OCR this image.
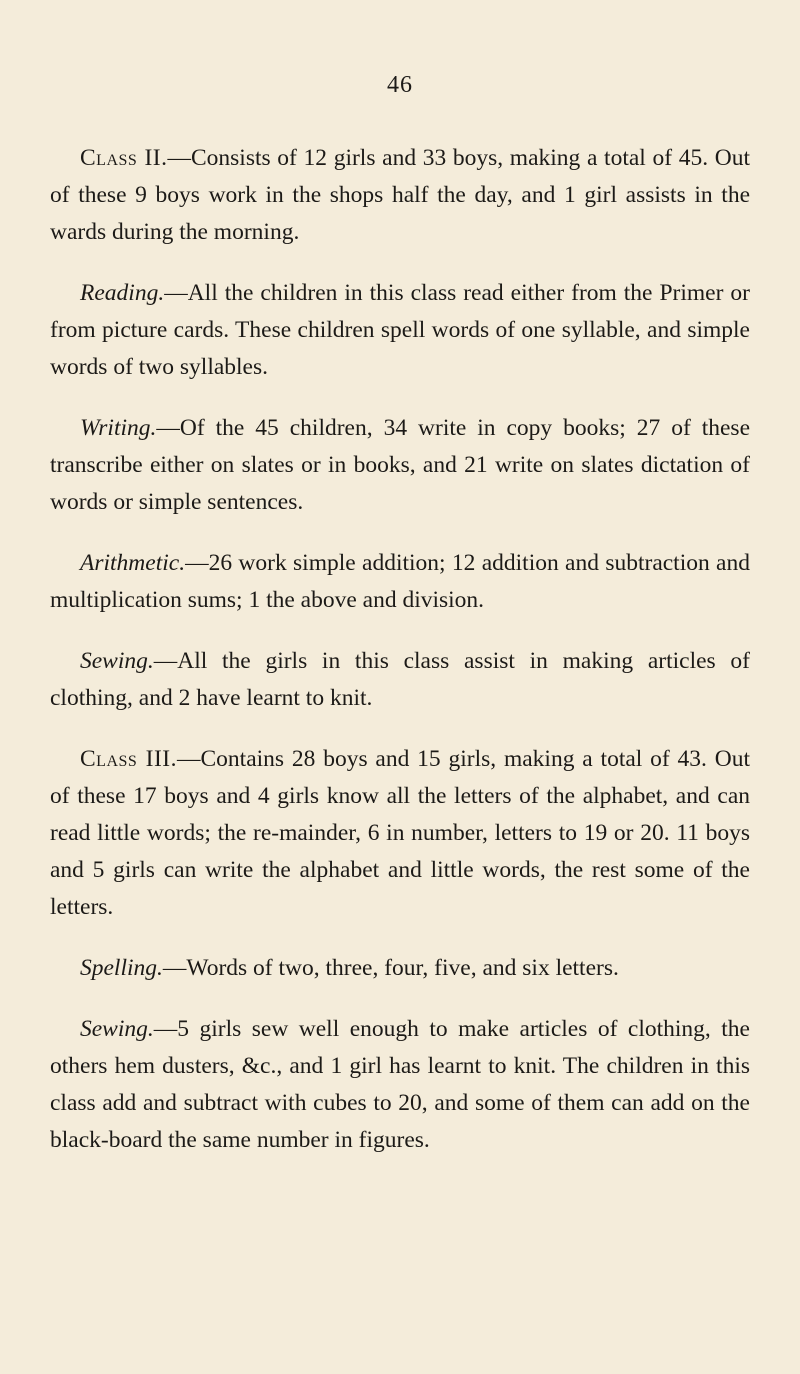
46

Class II.—Consists of 12 girls and 33 boys, making a total of 45. Out of these 9 boys work in the shops half the day, and 1 girl assists in the wards during the morning.

Reading.—All the children in this class read either from the Primer or from picture cards. These children spell words of one syllable, and simple words of two syllables.

Writing.—Of the 45 children, 34 write in copy books; 27 of these transcribe either on slates or in books, and 21 write on slates dictation of words or simple sentences.

Arithmetic.—26 work simple addition; 12 addition and subtraction and multiplication sums; 1 the above and division.

Sewing.—All the girls in this class assist in making articles of clothing, and 2 have learnt to knit.

Class III.—Contains 28 boys and 15 girls, making a total of 43. Out of these 17 boys and 4 girls know all the letters of the alphabet, and can read little words; the re-mainder, 6 in number, letters to 19 or 20. 11 boys and 5 girls can write the alphabet and little words, the rest some of the letters.

Spelling.—Words of two, three, four, five, and six letters.

Sewing.—5 girls sew well enough to make articles of clothing, the others hem dusters, &c., and 1 girl has learnt to knit. The children in this class add and subtract with cubes to 20, and some of them can add on the black-board the same number in figures.
